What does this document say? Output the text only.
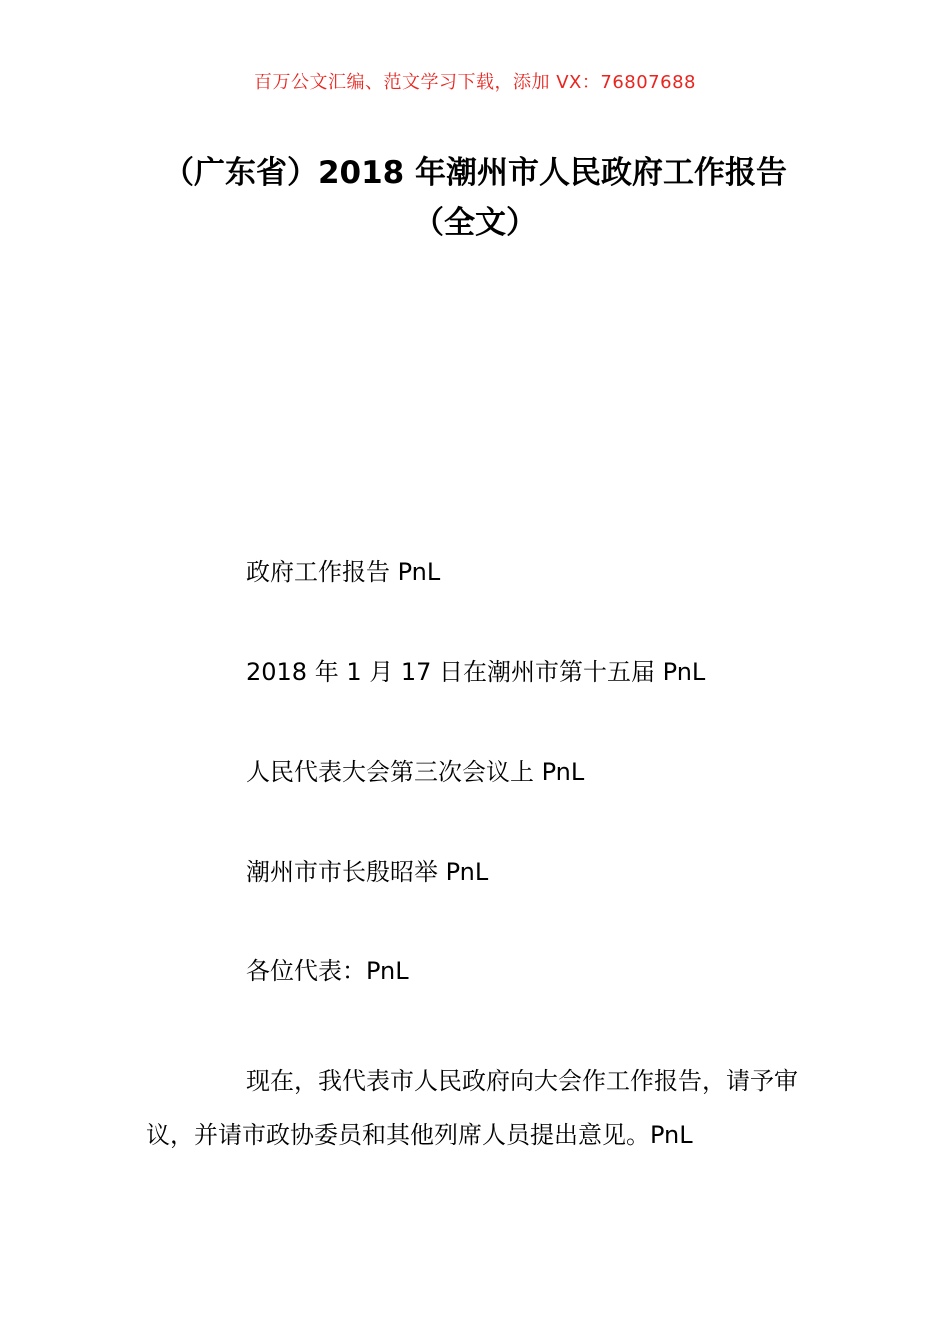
百万公文汇编、范文学习下载，添加 VX：76807688
（广东省）2018 年潮州市人民政府工作报告（全文）
政府工作报告 PnL
2018 年 1 月 17 日在潮州市第十五届 PnL
人民代表大会第三次会议上 PnL
潮州市市长殷昭举 PnL
各位代表：PnL
现在，我代表市人民政府向大会作工作报告，请予审议，并请市政协委员和其他列席人员提出意见。PnL
